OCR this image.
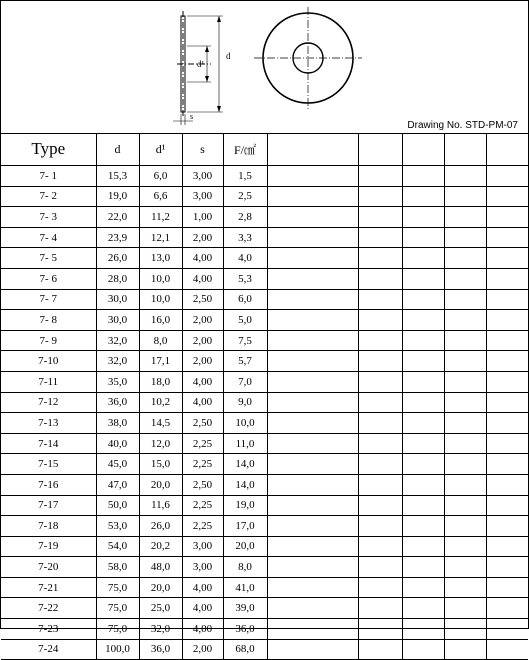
d
d¹
s
Drawing No. STD-PM-07
Type	d	d¹	s	F/㎠					
7- 1	15,3	6,0	3,00	1,5					
7- 2	19,0	6,6	3,00	2,5					
7- 3	22,0	11,2	1,00	2,8					
7- 4	23,9	12,1	2,00	3,3					
7- 5	26,0	13,0	4,00	4,0					
7- 6	28,0	10,0	4,00	5,3					
7- 7	30,0	10,0	2,50	6,0					
7- 8	30,0	16,0	2,00	5,0					
7- 9	32,0	8,0	2,00	7,5					
7-10	32,0	17,1	2,00	5,7					
7-11	35,0	18,0	4,00	7,0					
7-12	36,0	10,2	4,00	9,0					
7-13	38,0	14,5	2,50	10,0					
7-14	40,0	12,0	2,25	11,0					
7-15	45,0	15,0	2,25	14,0					
7-16	47,0	20,0	2,50	14,0					
7-17	50,0	11,6	2,25	19,0					
7-18	53,0	26,0	2,25	17,0					
7-19	54,0	20,2	3,00	20,0					
7-20	58,0	48,0	3,00	8,0					
7-21	75,0	20,0	4,00	41,0					
7-22	75,0	25,0	4,00	39,0					
7-23	75,0	32,0	4,00	36,0					
7-24	100,0	36,0	2,00	68,0					
